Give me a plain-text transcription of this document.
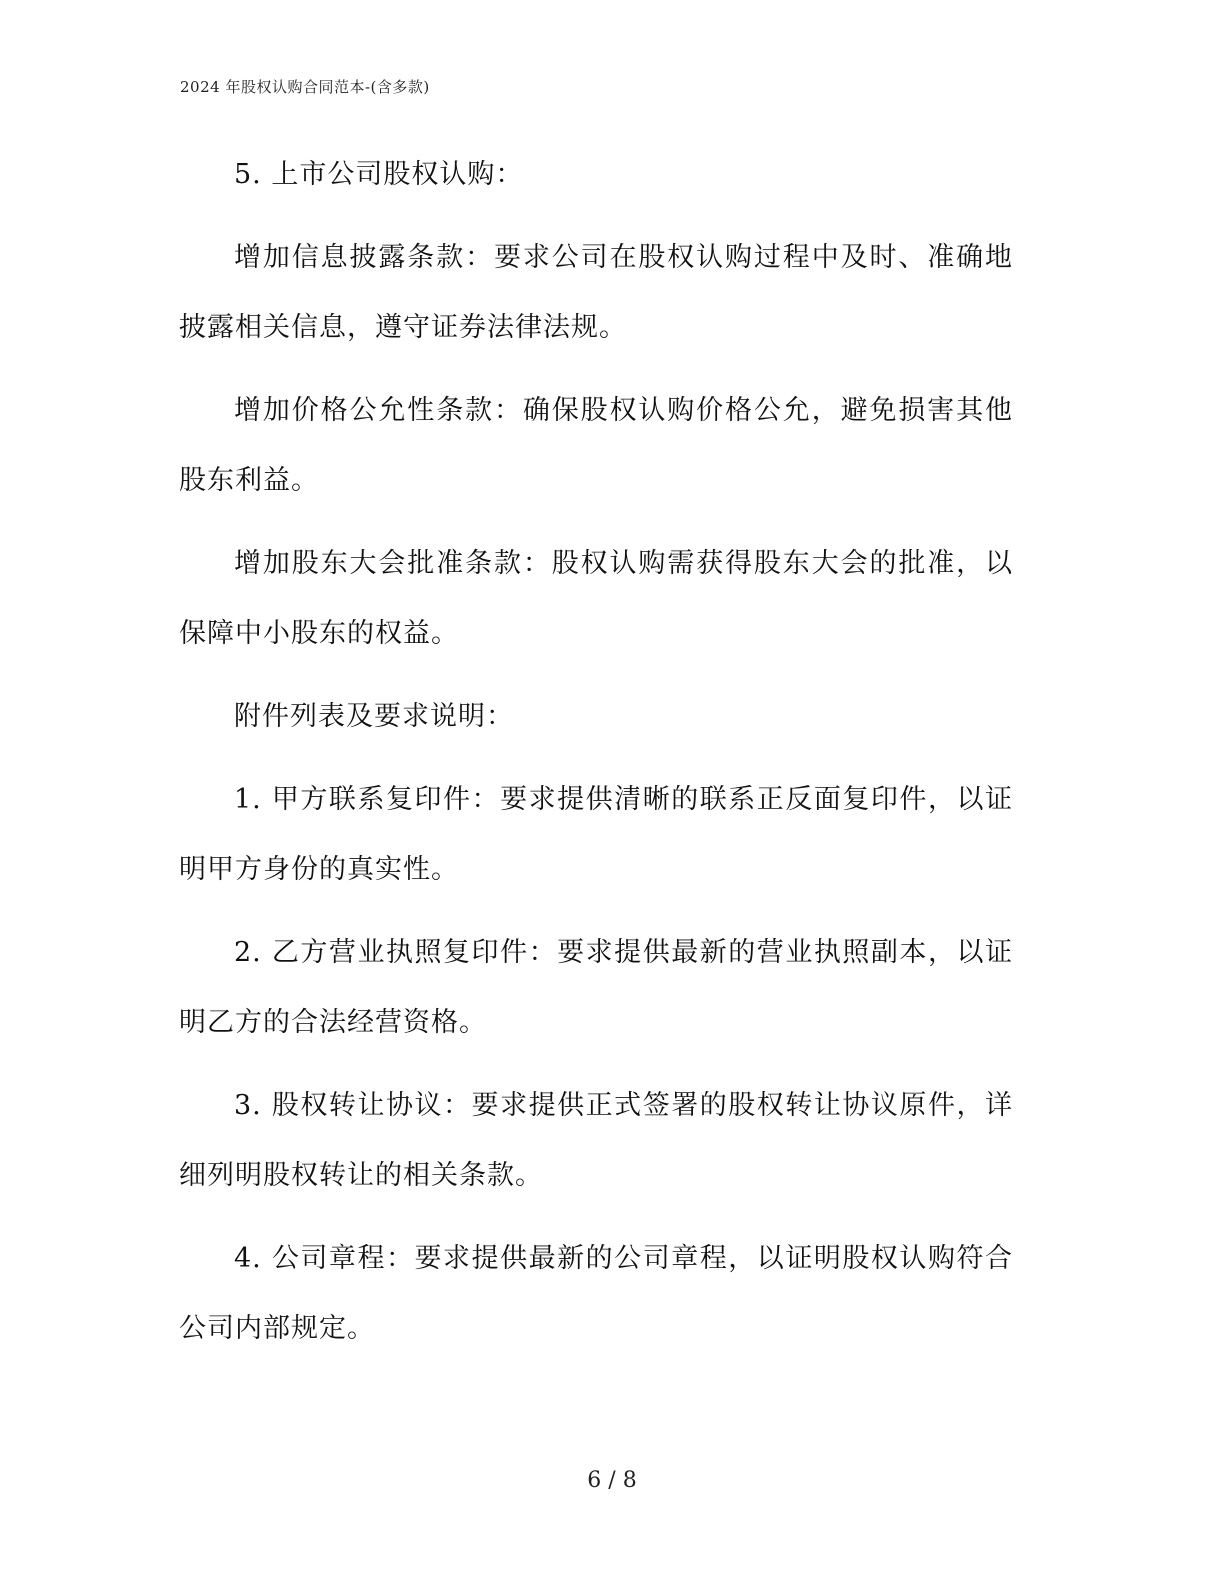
2024 年股权认购合同范本-(含多款)

5. 上市公司股权认购：

增加信息披露条款：要求公司在股权认购过程中及时、准确地披露相关信息，遵守证券法律法规。

增加价格公允性条款：确保股权认购价格公允，避免损害其他股东利益。

增加股东大会批准条款：股权认购需获得股东大会的批准，以保障中小股东的权益。

附件列表及要求说明：

1. 甲方联系复印件：要求提供清晰的联系正反面复印件，以证明甲方身份的真实性。

2. 乙方营业执照复印件：要求提供最新的营业执照副本，以证明乙方的合法经营资格。

3. 股权转让协议：要求提供正式签署的股权转让协议原件，详细列明股权转让的相关条款。

4. 公司章程：要求提供最新的公司章程，以证明股权认购符合公司内部规定。

6 / 8
